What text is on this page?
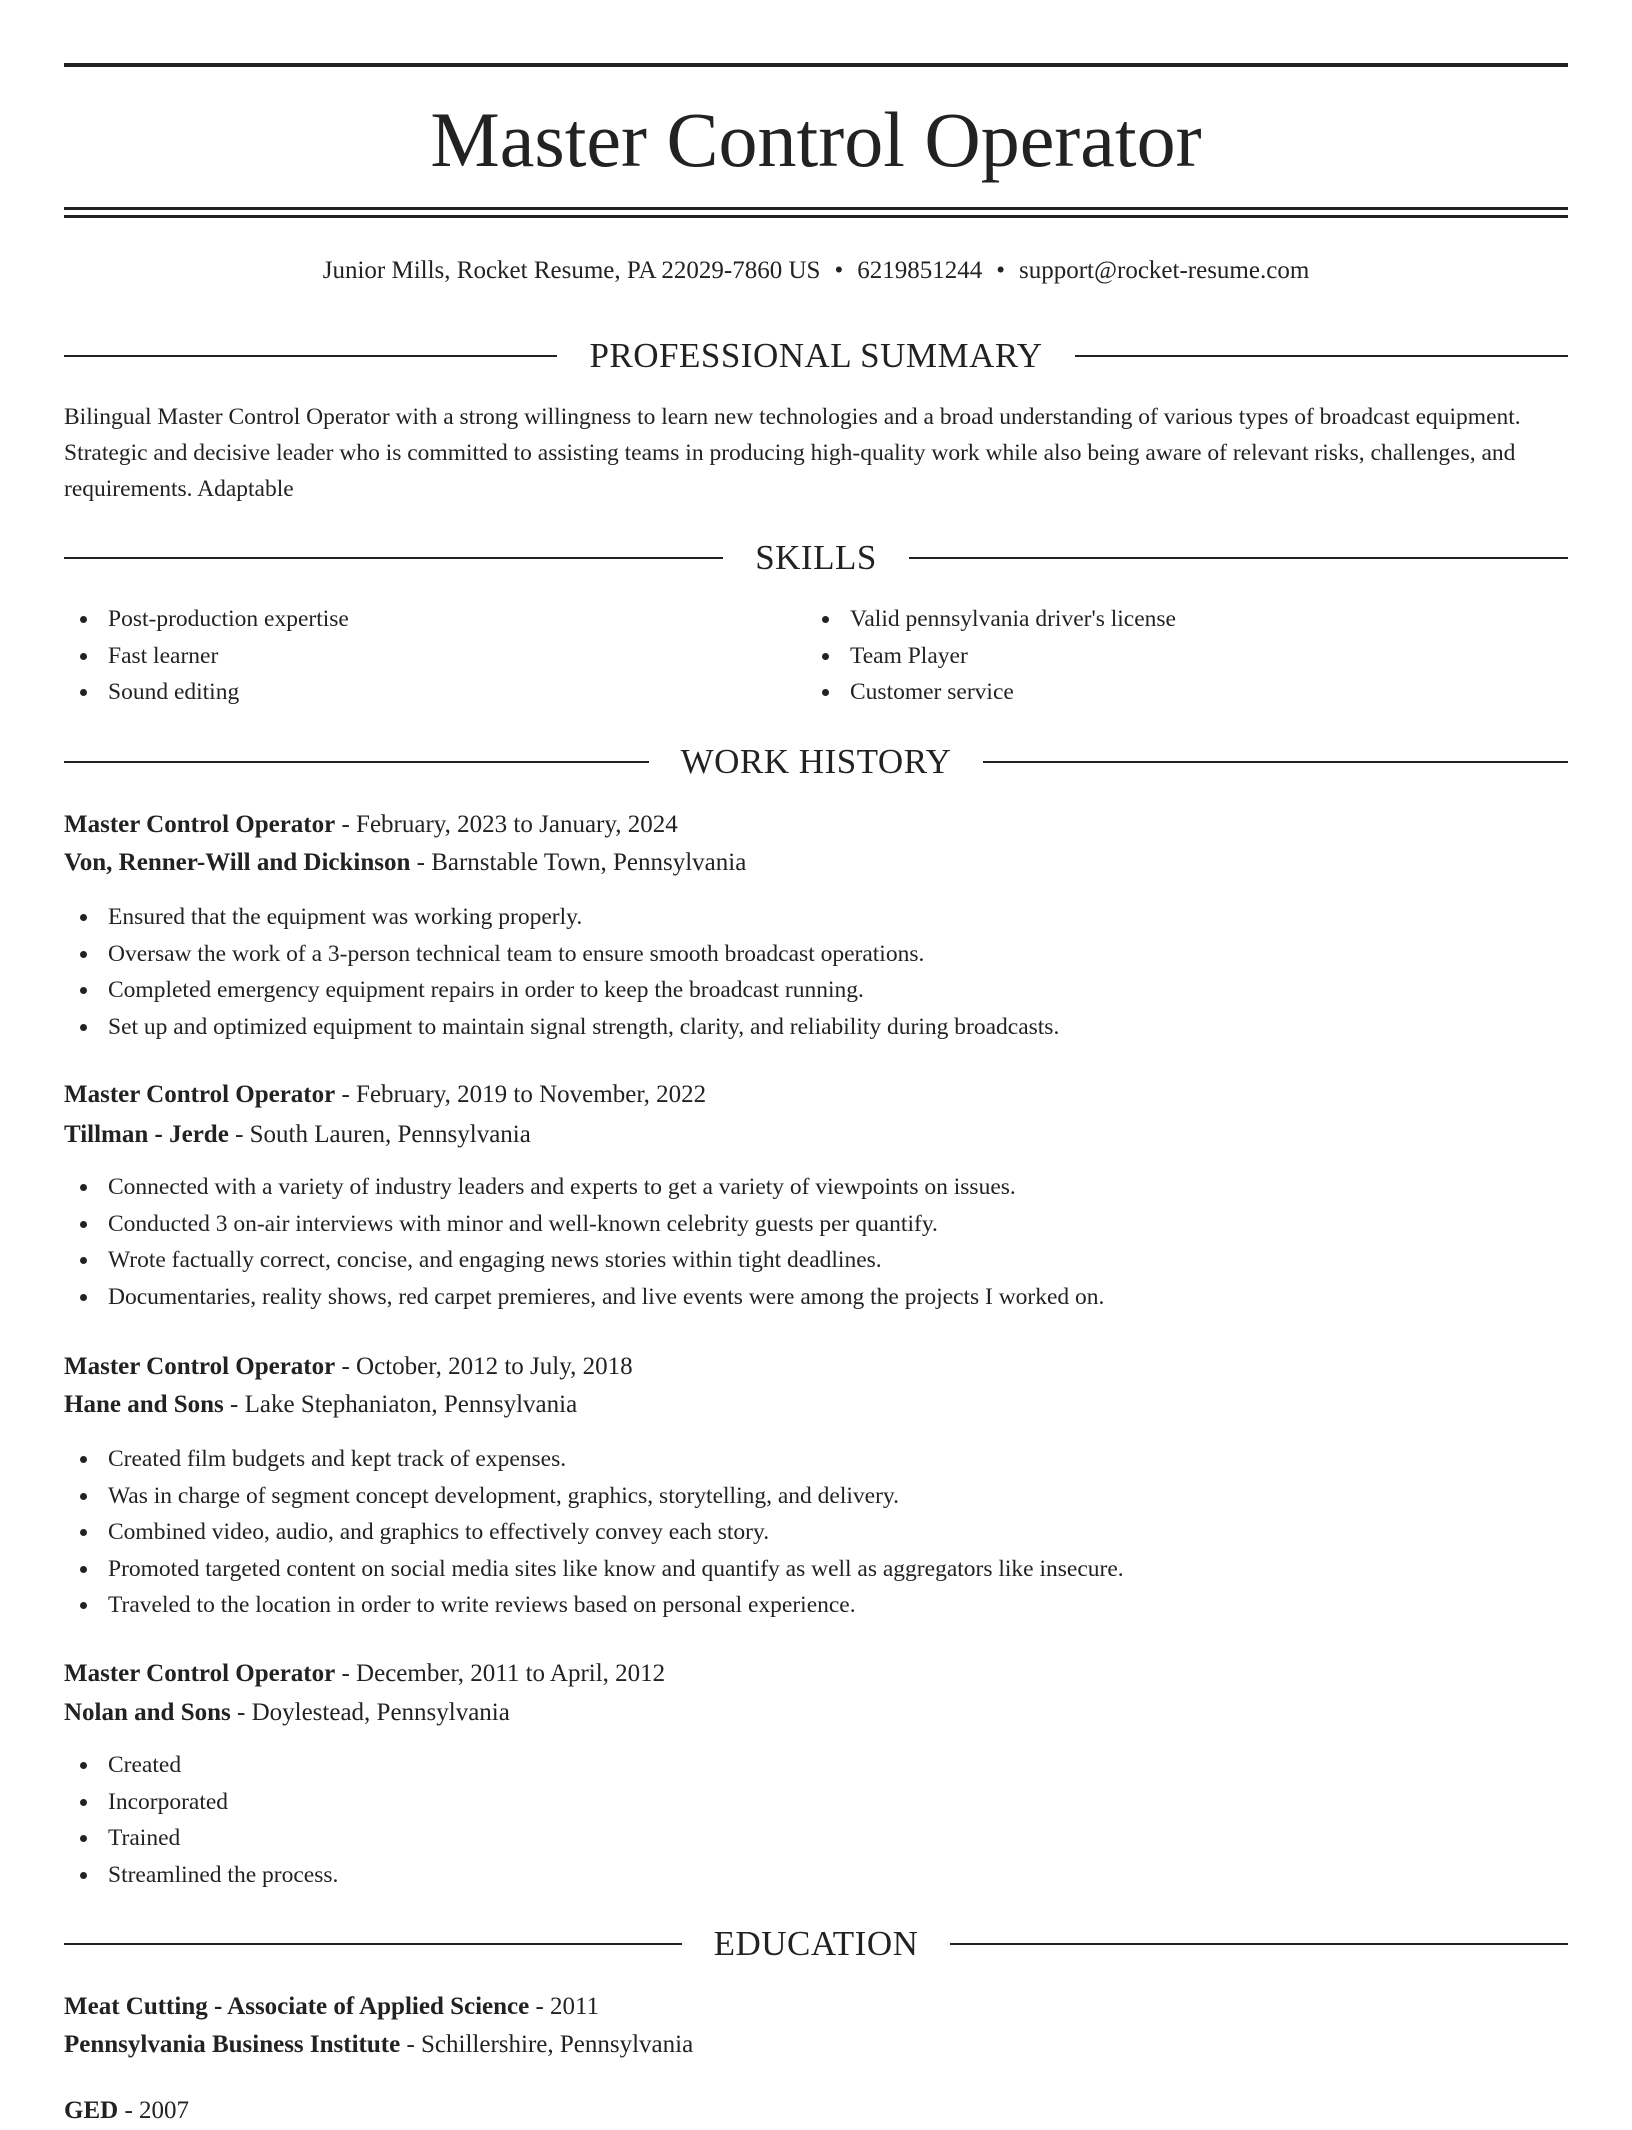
Master Control Operator
Junior Mills, Rocket Resume, PA 22029-7860 US • 6219851244 • support@rocket-resume.com
PROFESSIONAL SUMMARY
Bilingual Master Control Operator with a strong willingness to learn new technologies and a broad understanding of various types of broadcast equipment. Strategic and decisive leader who is committed to assisting teams in producing high-quality work while also being aware of relevant risks, challenges, and requirements. Adaptable
SKILLS
Post-production expertise
Fast learner
Sound editing
Valid pennsylvania driver's license
Team Player
Customer service
WORK HISTORY
Master Control Operator - February, 2023 to January, 2024
Von, Renner-Will and Dickinson - Barnstable Town, Pennsylvania
Ensured that the equipment was working properly.
Oversaw the work of a 3-person technical team to ensure smooth broadcast operations.
Completed emergency equipment repairs in order to keep the broadcast running.
Set up and optimized equipment to maintain signal strength, clarity, and reliability during broadcasts.
Master Control Operator - February, 2019 to November, 2022
Tillman - Jerde - South Lauren, Pennsylvania
Connected with a variety of industry leaders and experts to get a variety of viewpoints on issues.
Conducted 3 on-air interviews with minor and well-known celebrity guests per quantify.
Wrote factually correct, concise, and engaging news stories within tight deadlines.
Documentaries, reality shows, red carpet premieres, and live events were among the projects I worked on.
Master Control Operator - October, 2012 to July, 2018
Hane and Sons - Lake Stephaniaton, Pennsylvania
Created film budgets and kept track of expenses.
Was in charge of segment concept development, graphics, storytelling, and delivery.
Combined video, audio, and graphics to effectively convey each story.
Promoted targeted content on social media sites like know and quantify as well as aggregators like insecure.
Traveled to the location in order to write reviews based on personal experience.
Master Control Operator - December, 2011 to April, 2012
Nolan and Sons - Doylestead, Pennsylvania
Created
Incorporated
Trained
Streamlined the process.
EDUCATION
Meat Cutting - Associate of Applied Science - 2011
Pennsylvania Business Institute - Schillershire, Pennsylvania
GED - 2007
